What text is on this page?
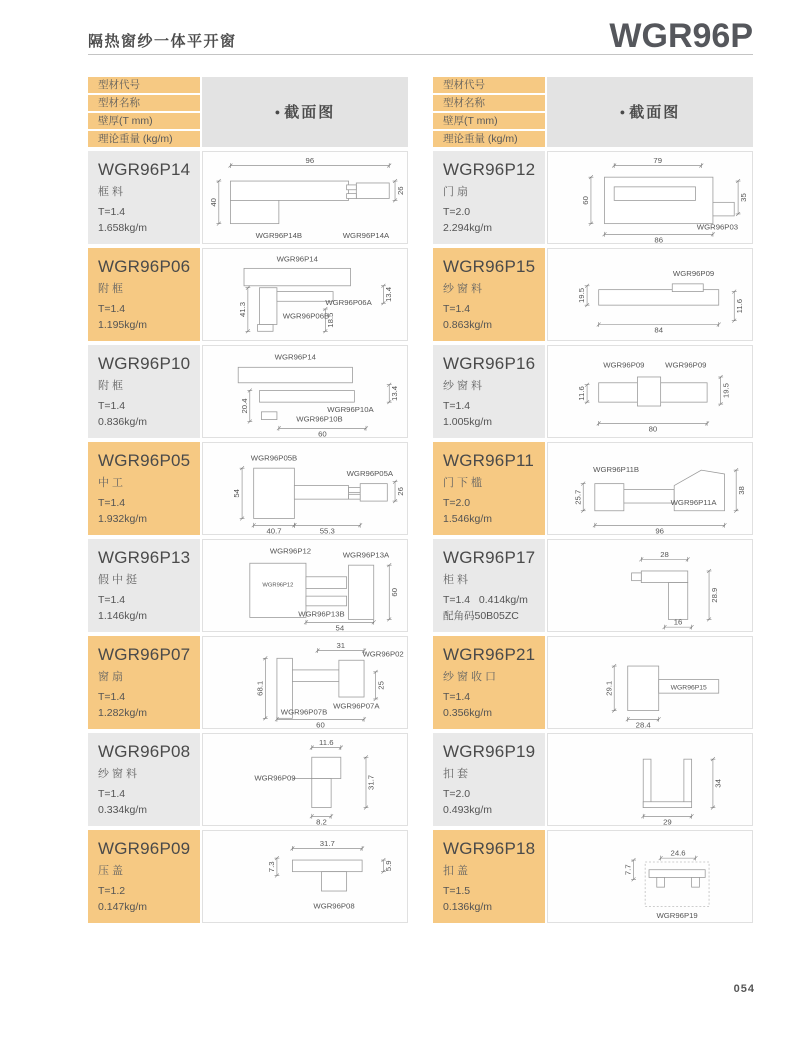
隔热窗纱一体平开窗	WGR96P
型材代号
型材名称
壁厚(T mm)
理论重量 (kg/m)
● 截面图
WGR96P14
框料
T=1.4
1.658kg/m
96
40
26
WGR96P14B	WGR96P14A
WGR96P06
附框
T=1.4
1.195kg/m
41.3
13.4
18.5
WGR96P14
WGR96P06A
WGR96P06B
WGR96P10
附框
T=1.4
0.836kg/m
20.4
13.4
60
WGR96P14
WGR96P10A
WGR96P10B
WGR96P05
中工
T=1.4
1.932kg/m
54	26
40.7	55.3
WGR96P05B
WGR96P05A
WGR96P13
假中挺
T=1.4
1.146kg/m
60
54
WGR96P12	WGR96P13A
WGR96P12
WGR96P13B
WGR96P07
窗扇
T=1.4
1.282kg/m
31
68.1	25
60
WGR96P02
WGR96P07A
WGR96P07B
WGR96P08
纱窗料
T=1.4
0.334kg/m
11.6
31.7
8.2
WGR96P09
WGR96P09
压盖
T=1.2
0.147kg/m
31.7
5.9
7.3
WGR96P08
型材代号
型材名称
壁厚(T mm)
理论重量 (kg/m)
● 截面图
WGR96P12
门扇
T=2.0
2.294kg/m
79
60	35
86
WGR96P03
WGR96P15
纱窗料
T=1.4
0.863kg/m
19.5
84
11.6
WGR96P09
WGR96P16
纱窗料
T=1.4
1.005kg/m
11.6	19.5
80
WGR96P09	WGR96P09
WGR96P11
门下槛
T=2.0
1.546kg/m
25.7	38
96
WGR96P11B
WGR96P11A
WGR96P17
柜料
T=1.4   0.414kg/m
配角码50B05ZC
28
28.9
16
WGR96P21
纱窗收口
T=1.4
0.356kg/m
29.1
28.4
WGR96P15
WGR96P19
扣套
T=2.0
0.493kg/m
34
29
WGR96P18
扣盖
T=1.5
0.136kg/m
7.7
24.6
WGR96P19
054
